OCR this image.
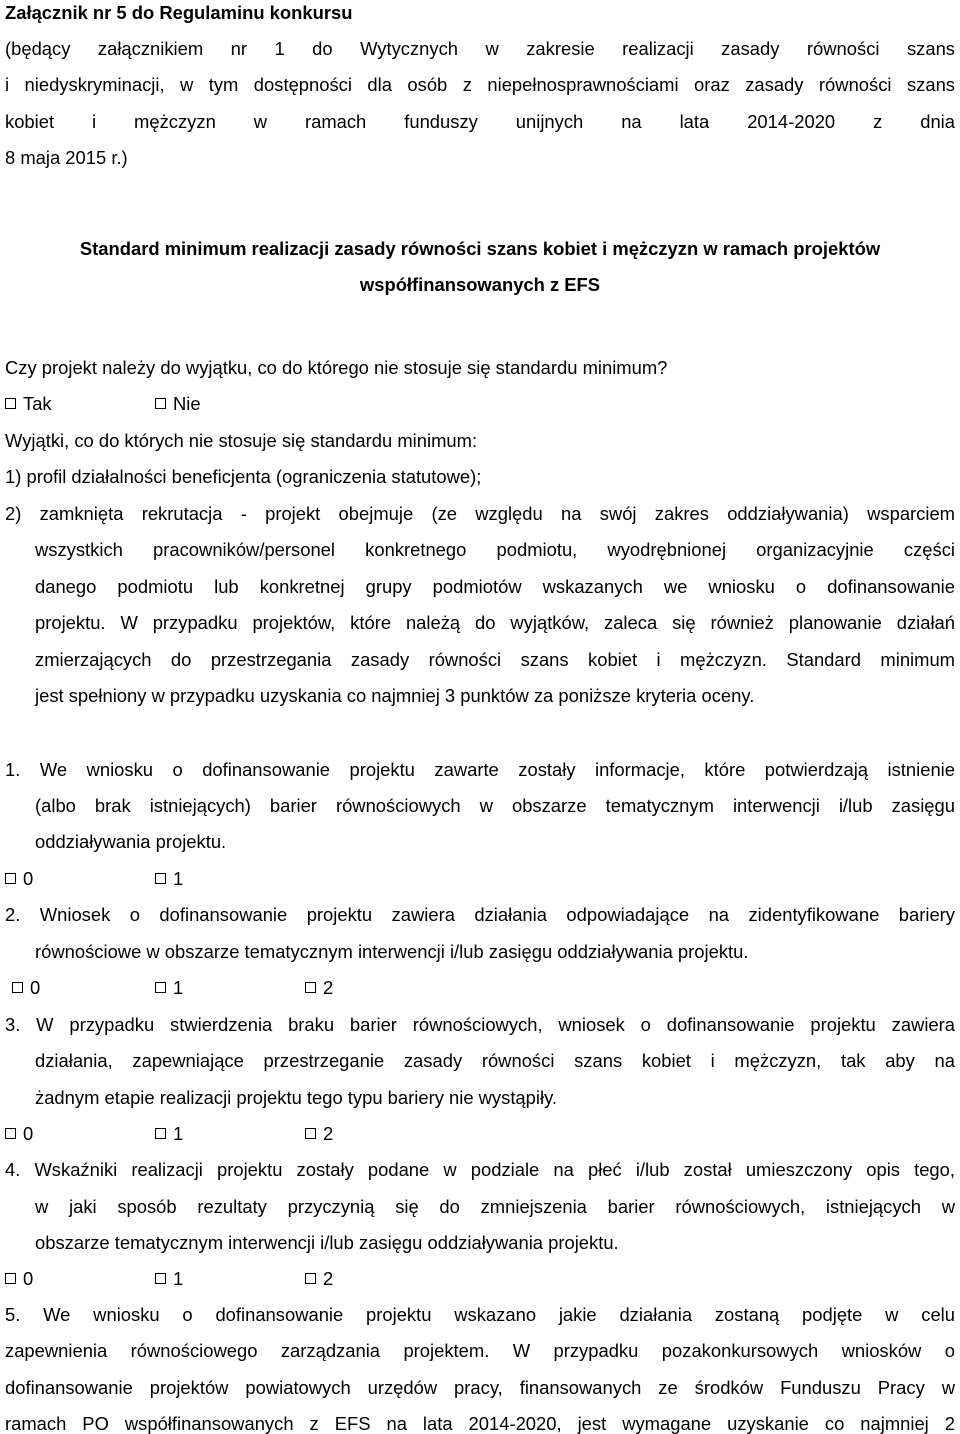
Załącznik nr 5 do Regulaminu konkursu
(będący załącznikiem nr 1 do Wytycznych w zakresie realizacji zasady równości szans
i niedyskryminacji, w tym dostępności dla osób z niepełnosprawnościami oraz zasady równości szans
kobiet i mężczyzn w ramach funduszy unijnych na lata 2014-2020 z dnia
8 maja 2015 r.)
Standard minimum realizacji zasady równości szans kobiet i mężczyzn w ramach projektów
współfinansowanych z EFS
Czy projekt należy do wyjątku, co do którego nie stosuje się standardu minimum?
Tak	Nie
Wyjątki, co do których nie stosuje się standardu minimum:
1) profil działalności beneficjenta (ograniczenia statutowe);
2) zamknięta rekrutacja - projekt obejmuje (ze względu na swój zakres oddziaływania) wsparciem
wszystkich pracowników/personel konkretnego podmiotu, wyodrębnionej organizacyjnie części
danego podmiotu lub konkretnej grupy podmiotów wskazanych we wniosku o dofinansowanie
projektu. W przypadku projektów, które należą do wyjątków, zaleca się również planowanie działań
zmierzających do przestrzegania zasady równości szans kobiet i mężczyzn. Standard minimum
jest spełniony w przypadku uzyskania co najmniej 3 punktów za poniższe kryteria oceny.
1. We wniosku o dofinansowanie projektu zawarte zostały informacje, które potwierdzają istnienie
(albo brak istniejących) barier równościowych w obszarze tematycznym interwencji i/lub zasięgu
oddziaływania projektu.
0	1
2. Wniosek o dofinansowanie projektu zawiera działania odpowiadające na zidentyfikowane bariery
równościowe w obszarze tematycznym interwencji i/lub zasięgu oddziaływania projektu.
0	1	2
3. W przypadku stwierdzenia braku barier równościowych, wniosek o dofinansowanie projektu zawiera
działania, zapewniające przestrzeganie zasady równości szans kobiet i mężczyzn, tak aby na
żadnym etapie realizacji projektu tego typu bariery nie wystąpiły.
0	1	2
4. Wskaźniki realizacji projektu zostały podane w podziale na płeć i/lub został umieszczony opis tego,
w jaki sposób rezultaty przyczynią się do zmniejszenia barier równościowych, istniejących w
obszarze tematycznym interwencji i/lub zasięgu oddziaływania projektu.
0	1	2
5. We wniosku o dofinansowanie projektu wskazano jakie działania zostaną podjęte w celu
zapewnienia równościowego zarządzania projektem. W przypadku pozakonkursowych wniosków o
dofinansowanie projektów powiatowych urzędów pracy, finansowanych ze środków Funduszu Pracy w
ramach PO współfinansowanych z EFS na lata 2014-2020, jest wymagane uzyskanie co najmniej 2
